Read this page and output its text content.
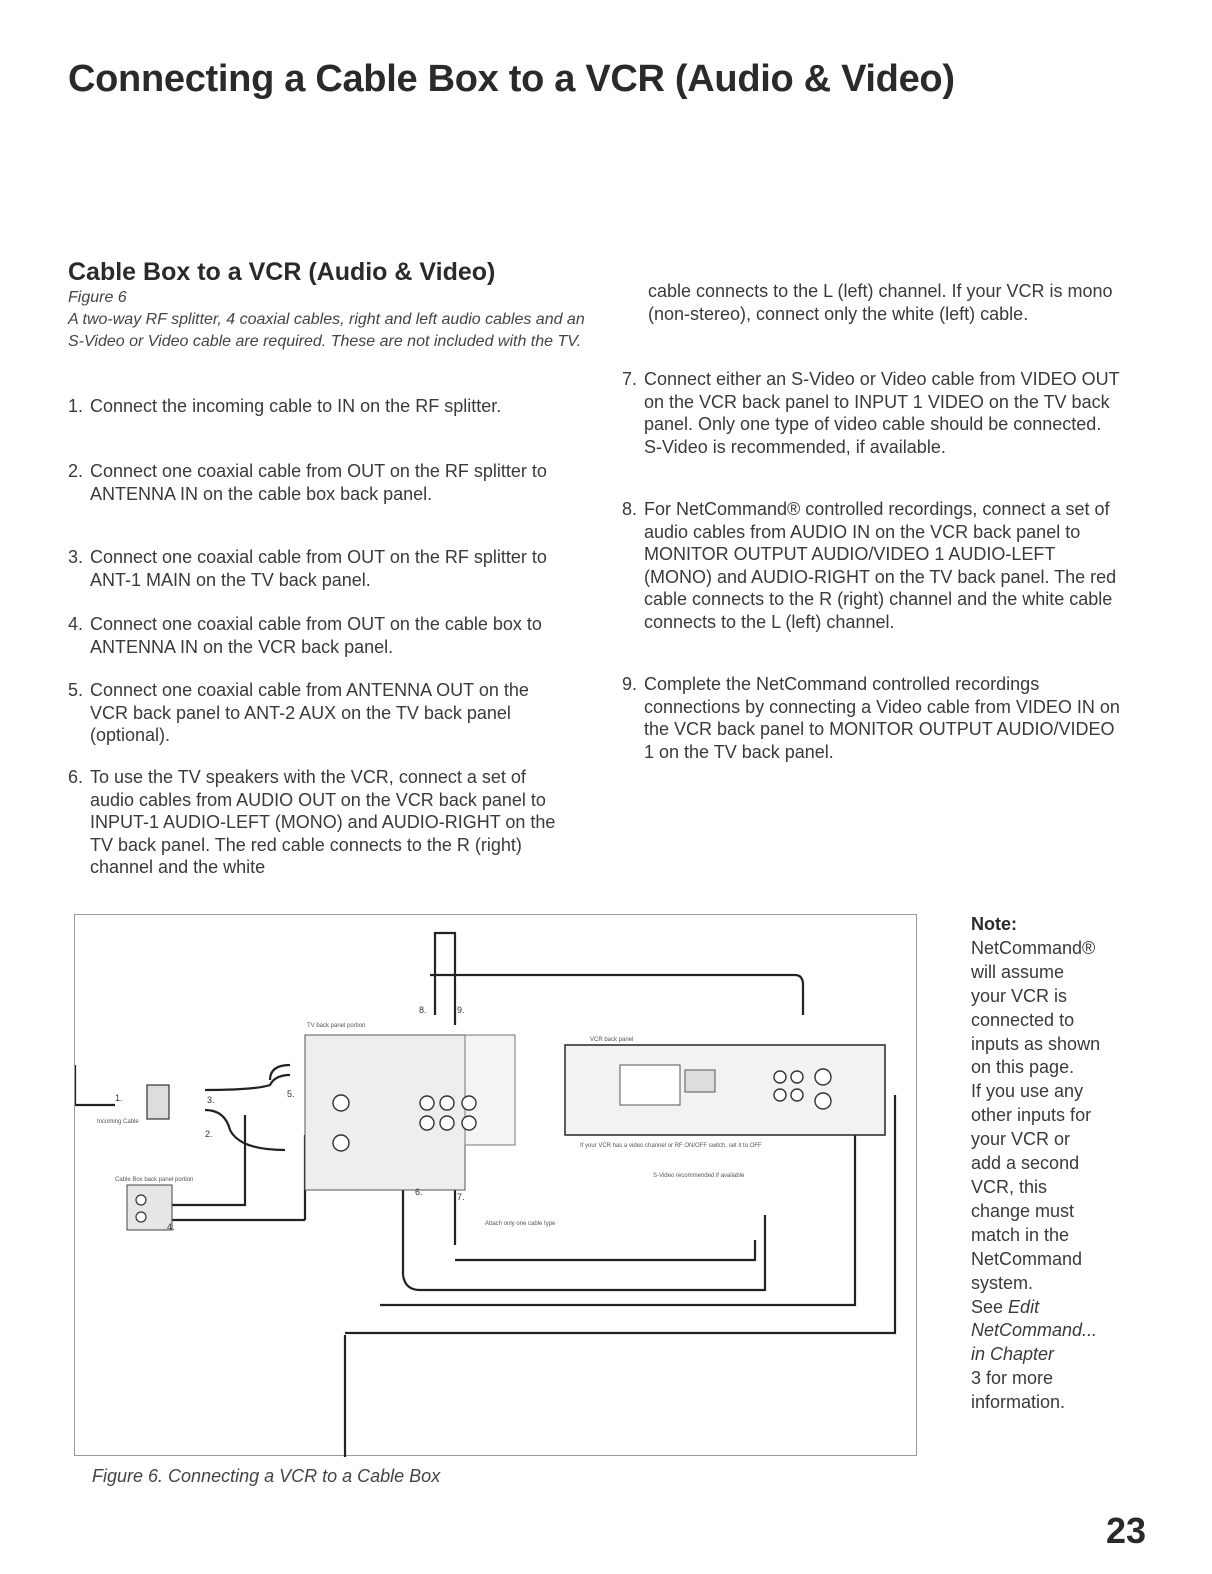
Connecting a Cable Box to a VCR (Audio & Video)
Cable Box to a VCR (Audio & Video)
Figure 6

A two-way RF splitter, 4 coaxial cables, right and left audio cables and an S-Video or Video cable are required. These are not included with the TV.

1. Connect the incoming cable to IN on the RF splitter.
2. Connect one coaxial cable from OUT on the RF splitter to ANTENNA IN on the cable box back panel.
3. Connect one coaxial cable from OUT on the RF splitter to ANT-1 MAIN on the TV back panel.
4. Connect one coaxial cable from OUT on the cable box to ANTENNA IN on the VCR back panel.
5. Connect one coaxial cable from ANTENNA OUT on the VCR back panel to ANT-2 AUX on the TV back panel (optional).
6. To use the TV speakers with the VCR, connect a set of audio cables from AUDIO OUT on the VCR back panel to INPUT-1 AUDIO-LEFT (MONO) and AUDIO-RIGHT on the TV back panel. The red cable connects to the R (right) channel and the white
cable connects to the L (left) channel. If your VCR is mono (non-stereo), connect only the white (left) cable.
7. Connect either an S-Video or Video cable from VIDEO OUT on the VCR back panel to INPUT 1 VIDEO on the TV back panel. Only one type of video cable should be connected. S-Video is recommended, if available.
8. For NetCommand® controlled recordings, connect a set of audio cables from AUDIO IN on the VCR back panel to MONITOR OUTPUT AUDIO/VIDEO 1 AUDIO-LEFT (MONO) and AUDIO-RIGHT on the TV back panel. The red cable connects to the R (right) channel and the white cable connects to the L (left) channel.
9. Complete the NetCommand controlled recordings connections by connecting a Video cable from VIDEO IN on the VCR back panel to MONITOR OUTPUT AUDIO/VIDEO 1 on the TV back panel.
TV back panel portion
VCR back panel
Incoming Cable
Cable Box back panel portion
S-Video recommended if available
If your VCR has a video channel or RF ON/OFF switch, set it to OFF
Attach only one cable type
1.
2.
3.
4.
5.
6.	7.
8.	9.
Figure 6. Connecting a VCR to a Cable Box
Note:
NetCommand®
will assume
your VCR is
connected to
inputs as shown
on this page.
If you use any
other inputs for
your VCR or
add a second
VCR, this
change must
match in the
NetCommand
system.
See Edit
NetCommand...
in Chapter
3 for more
information.
23
